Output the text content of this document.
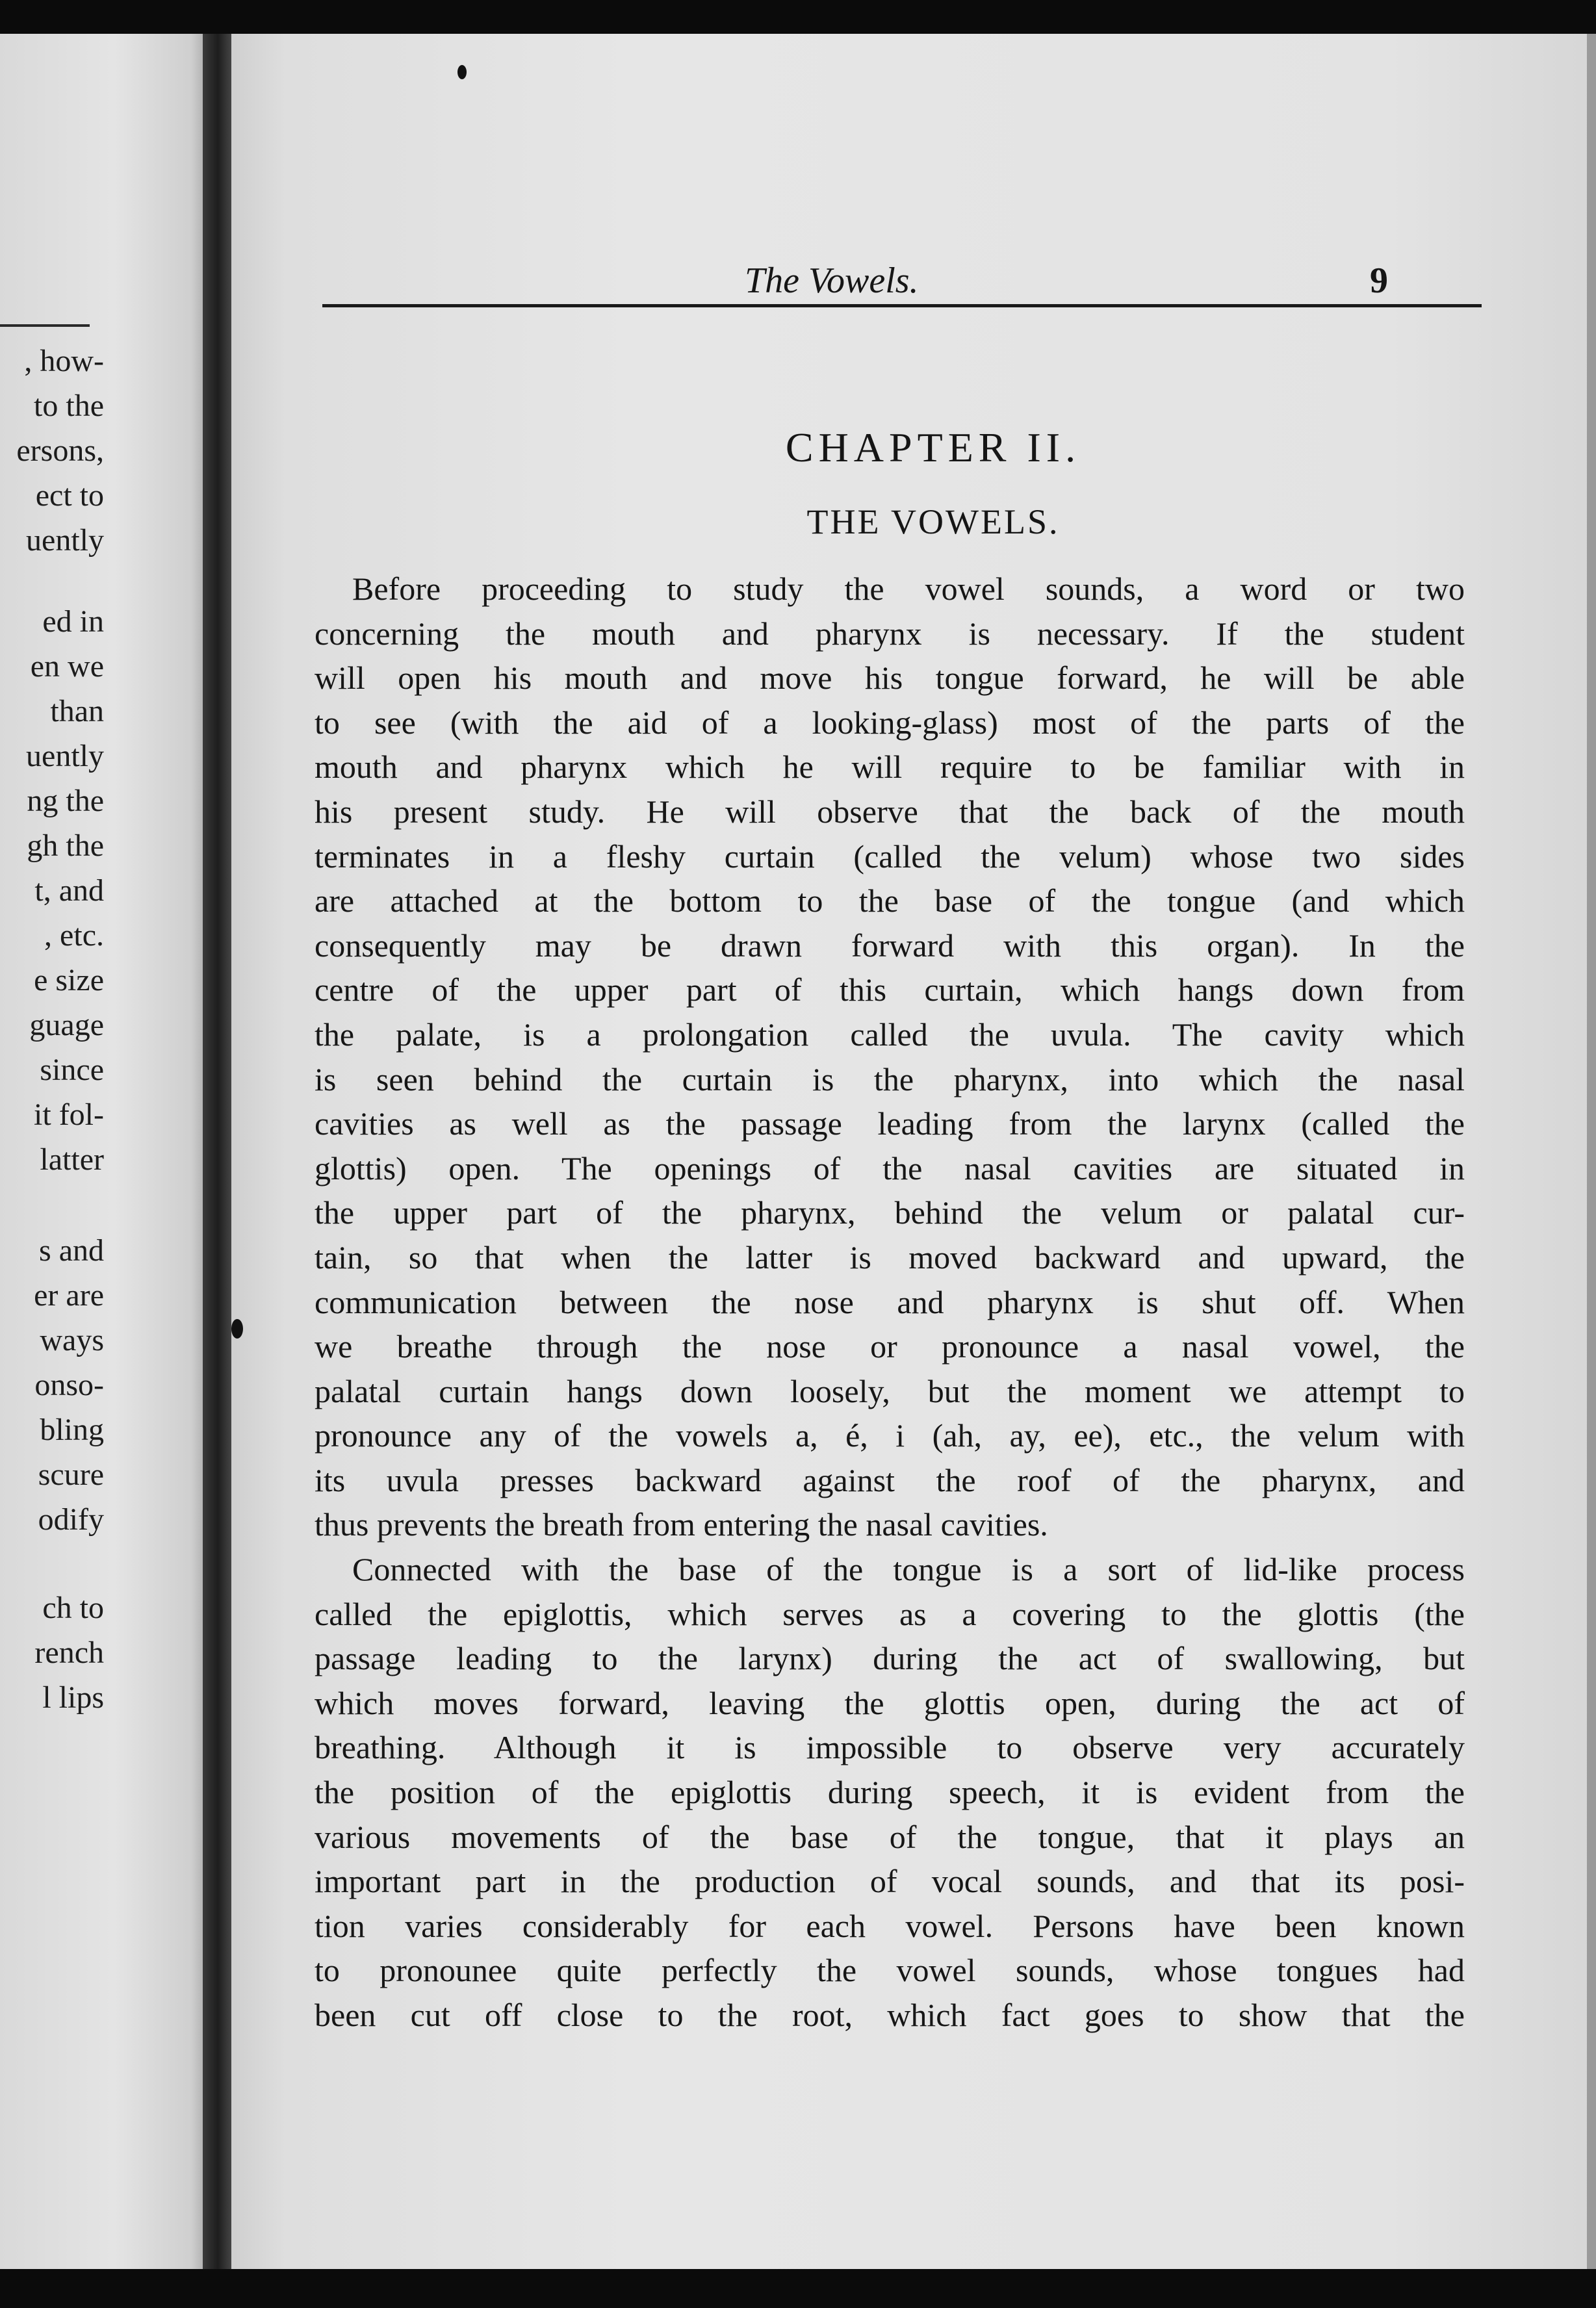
, how-
to the
ersons,
ect to
uently
ed in
en we
than
uently
ng the
gh the
t, and
, etc.
e size
guage
since
it fol-
latter
s and
er are
ways
onso-
bling
scure
odify
ch to
rench
l lips
The Vowels.	9
CHAPTER II.
THE VOWELS.
Before proceeding to study the vowel sounds, a word or two
concerning the mouth and pharynx is necessary. If the student
will open his mouth and move his tongue forward, he will be able
to see (with the aid of a looking-glass) most of the parts of the
mouth and pharynx which he will require to be familiar with in
his present study. He will observe that the back of the mouth
terminates in a fleshy curtain (called the velum) whose two sides
are attached at the bottom to the base of the tongue (and which
consequently may be drawn forward with this organ). In the
centre of the upper part of this curtain, which hangs down from
the palate, is a prolongation called the uvula. The cavity which
is seen behind the curtain is the pharynx, into which the nasal
cavities as well as the passage leading from the larynx (called the
glottis) open. The openings of the nasal cavities are situated in
the upper part of the pharynx, behind the velum or palatal cur-
tain, so that when the latter is moved backward and upward, the
communication between the nose and pharynx is shut off. When
we breathe through the nose or pronounce a nasal vowel, the
palatal curtain hangs down loosely, but the moment we attempt to
pronounce any of the vowels a, é, i (ah, ay, ee), etc., the velum with
its uvula presses backward against the roof of the pharynx, and
thus prevents the breath from entering the nasal cavities.
Connected with the base of the tongue is a sort of lid-like process
called the epiglottis, which serves as a covering to the glottis (the
passage leading to the larynx) during the act of swallowing, but
which moves forward, leaving the glottis open, during the act of
breathing. Although it is impossible to observe very accurately
the position of the epiglottis during speech, it is evident from the
various movements of the base of the tongue, that it plays an
important part in the production of vocal sounds, and that its posi-
tion varies considerably for each vowel. Persons have been known
to pronounee quite perfectly the vowel sounds, whose tongues had
been cut off close to the root, which fact goes to show that the
